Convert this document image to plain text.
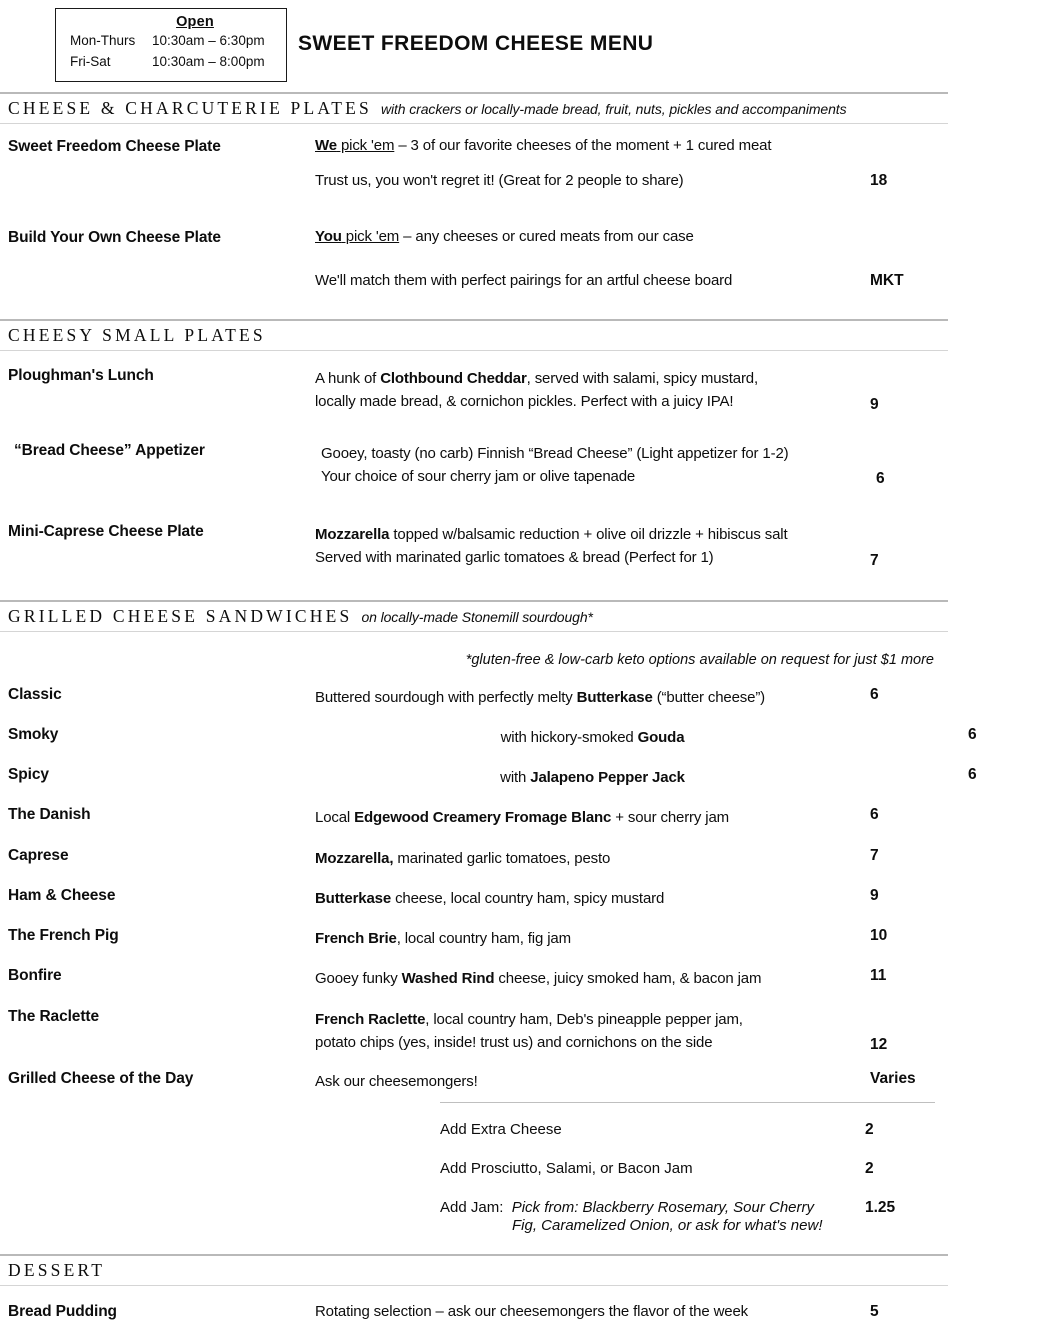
Open
Mon-Thurs	10:30am – 6:30pm
Fri-Sat	10:30am – 8:00pm
SWEET FREEDOM CHEESE MENU
CHEESE & CHARCUTERIE PLATES with crackers or locally-made bread, fruit, nuts, pickles and accompaniments
Sweet Freedom Cheese Plate	We pick 'em – 3 of our favorite cheeses of the moment + 1 cured meat
Trust us, you won't regret it! (Great for 2 people to share)	18
Build Your Own Cheese Plate	You pick 'em – any cheeses or cured meats from our case
We'll match them with perfect pairings for an artful cheese board	MKT
CHEESY SMALL PLATES
Ploughman's Lunch	A hunk of Clothbound Cheddar, served with salami, spicy mustard,
locally made bread, & cornichon pickles. Perfect with a juicy IPA!	9
“Bread Cheese” Appetizer	Gooey, toasty (no carb) Finnish “Bread Cheese” (Light appetizer for 1-2)
Your choice of sour cherry jam or olive tapenade	6
Mini-Caprese Cheese Plate	Mozzarella topped w/balsamic reduction + olive oil drizzle + hibiscus salt
Served with marinated garlic tomatoes & bread (Perfect for 1)	7
GRILLED CHEESE SANDWICHES on locally-made Stonemill sourdough*
*gluten-free & low-carb keto options available on request for just $1 more
Classic	Buttered sourdough with perfectly melty Butterkase (“butter cheese”)	6
Smoky	with hickory-smoked Gouda	6
Spicy	with Jalapeno Pepper Jack	6
The Danish	Local Edgewood Creamery Fromage Blanc + sour cherry jam	6
Caprese	Mozzarella, marinated garlic tomatoes, pesto	7
Ham & Cheese	Butterkase cheese, local country ham, spicy mustard	9
The French Pig	French Brie, local country ham, fig jam	10
Bonfire	Gooey funky Washed Rind cheese, juicy smoked ham, & bacon jam	11
The Raclette	French Raclette, local country ham, Deb's pineapple pepper jam,
potato chips (yes, inside! trust us) and cornichons on the side	12
Grilled Cheese of the Day	Ask our cheesemongers!	Varies
Add Extra Cheese	2
Add Prosciutto, Salami, or Bacon Jam	2
Add Jam: Pick from: Blackberry Rosemary, Sour Cherry	1.25
Fig, Caramelized Onion, or ask for what's new!
DESSERT
Bread Pudding	Rotating selection – ask our cheesemongers the flavor of the week	5
